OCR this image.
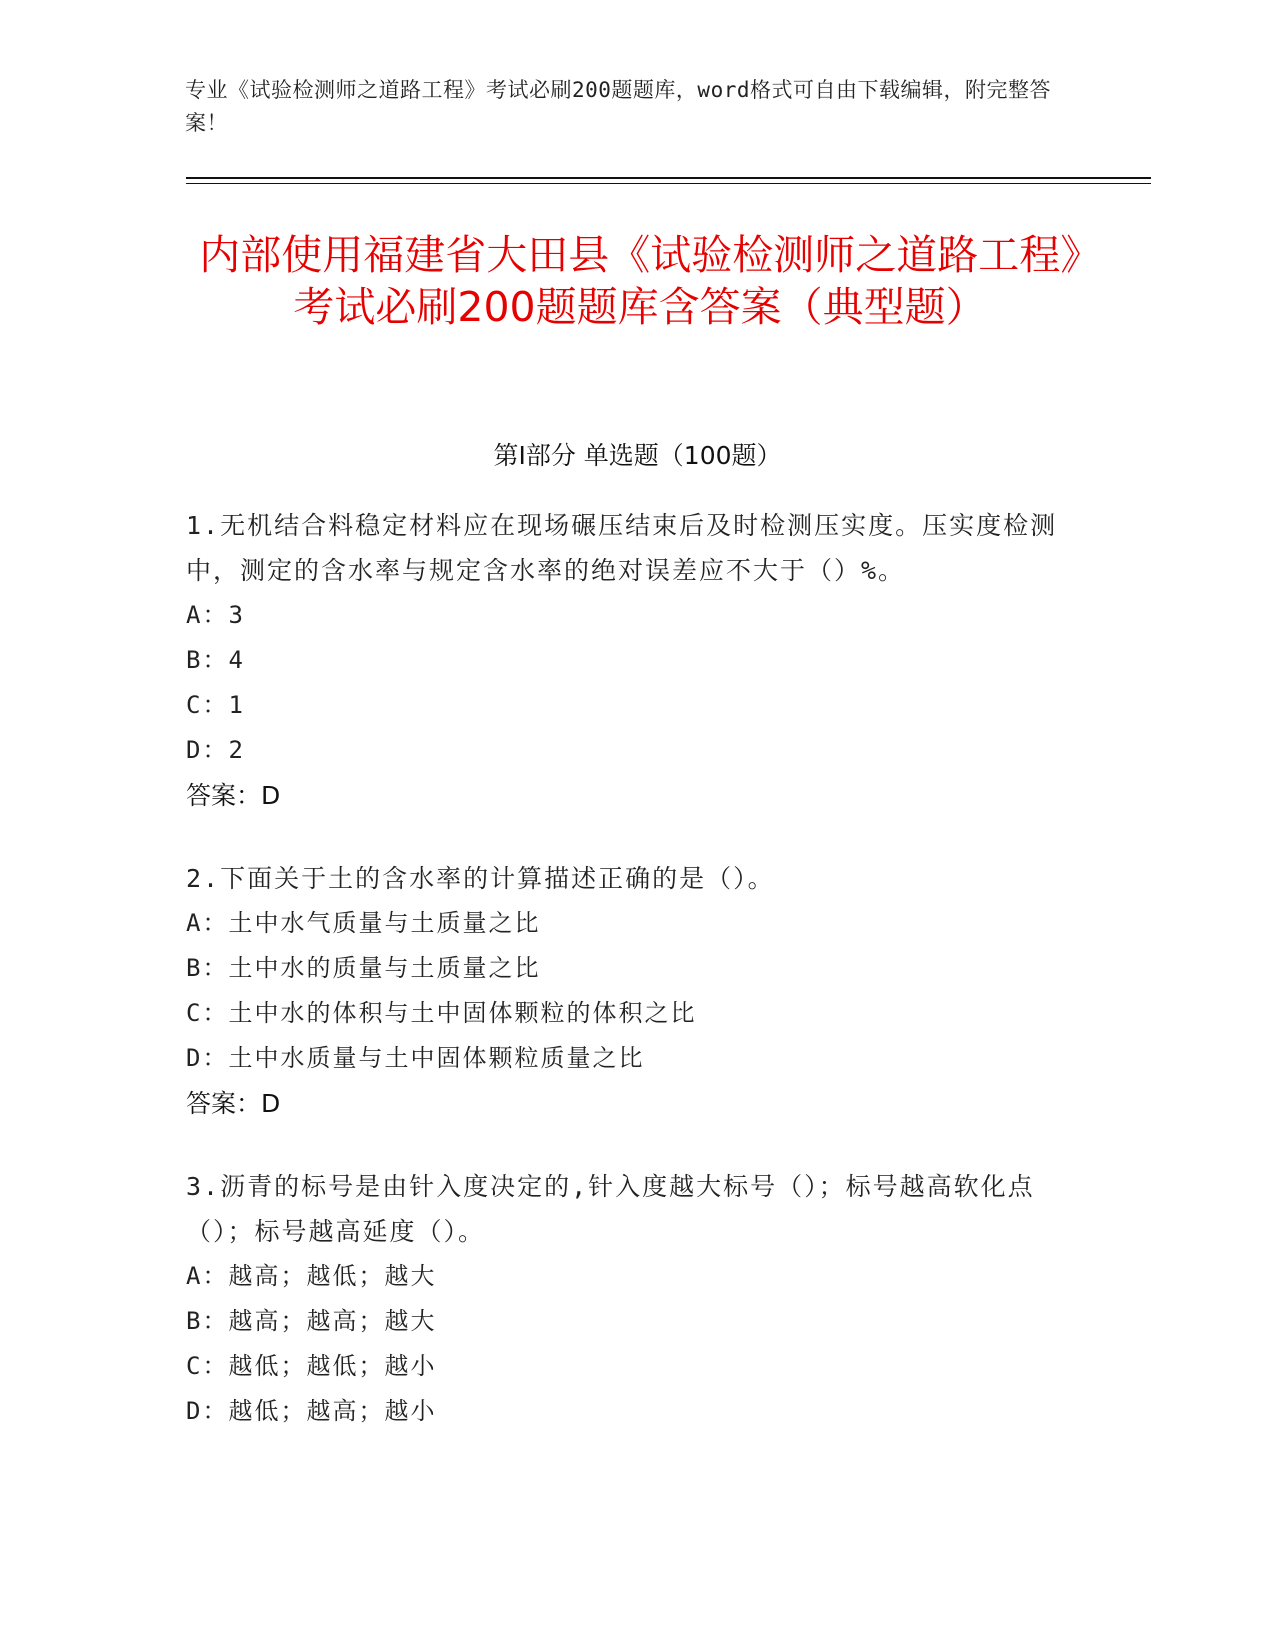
专业《试验检测师之道路工程》考试必刷200题题库，word格式可自由下载编辑，附完整答案！
内部使用福建省大田县《试验检测师之道路工程》考试必刷200题题库含答案（典型题）
第I部分 单选题（100题）

1.无机结合料稳定材料应在现场碾压结束后及时检测压实度。压实度检测中，测定的含水率与规定含水率的绝对误差应不大于（）%。

A：3

B：4

C：1

D：2

答案：D

2.下面关于土的含水率的计算描述正确的是（）。

A：土中水气质量与土质量之比

B：土中水的质量与土质量之比

C：土中水的体积与土中固体颗粒的体积之比

D：土中水质量与土中固体颗粒质量之比

答案：D

3.沥青的标号是由针入度决定的,针入度越大标号（）；标号越高软化点（）；标号越高延度（）。

A：越高；越低；越大

B：越高；越高；越大

C：越低；越低；越小

D：越低；越高；越小
